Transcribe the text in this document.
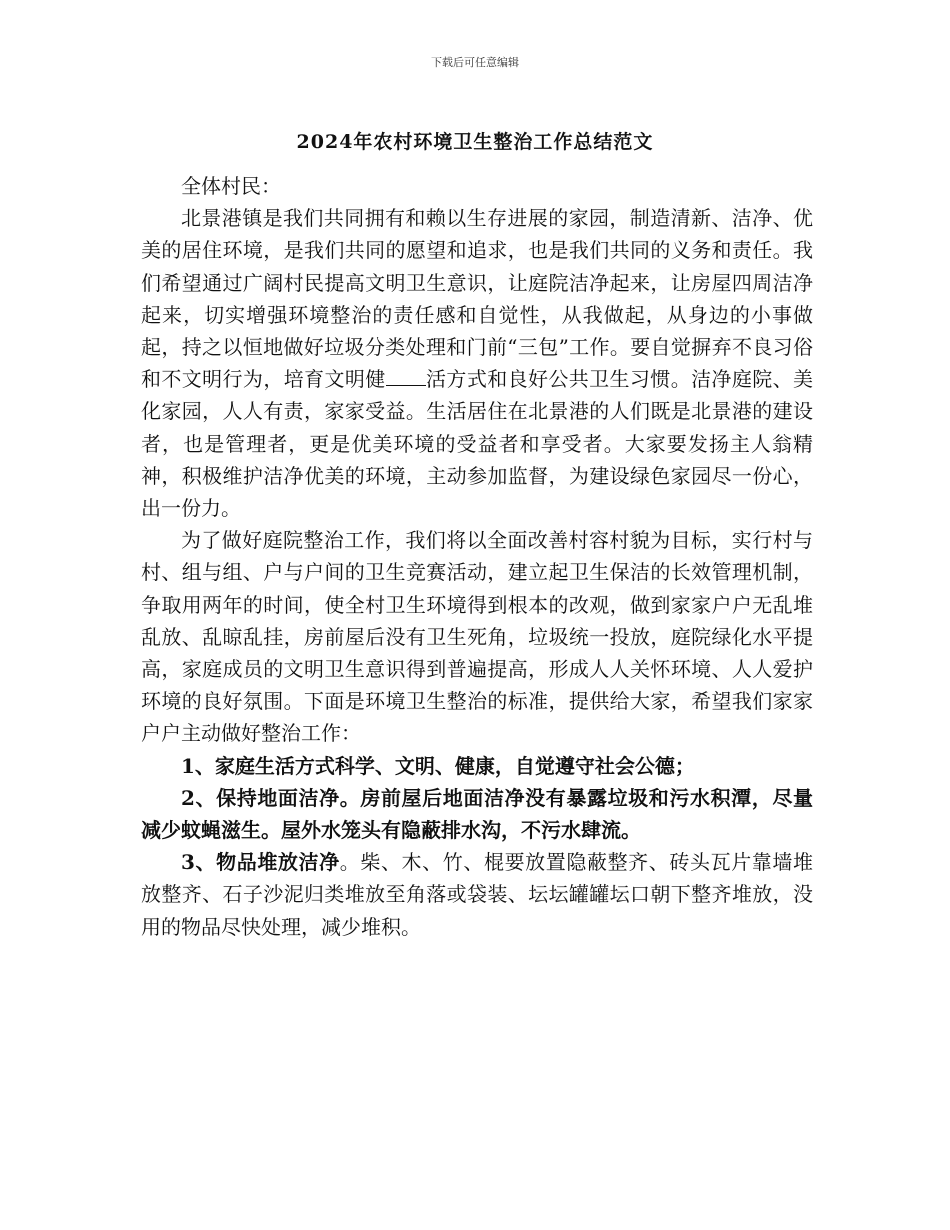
下载后可任意编辑
2024年农村环境卫生整治工作总结范文

全体村民：

北景港镇是我们共同拥有和赖以生存进展的家园，制造清新、洁净、优美的居住环境，是我们共同的愿望和追求，也是我们共同的义务和责任。我们希望通过广阔村民提高文明卫生意识，让庭院洁净起来，让房屋四周洁净起来，切实增强环境整治的责任感和自觉性，从我做起，从身边的小事做起，持之以恒地做好垃圾分类处理和门前“三包”工作。要自觉摒弃不良习俗和不文明行为，培育文明健 活方式和良好公共卫生习惯。洁净庭院、美化家园，人人有责，家家受益。生活居住在北景港的人们既是北景港的建设者，也是管理者，更是优美环境的受益者和享受者。大家要发扬主人翁精神，积极维护洁净优美的环境，主动参加监督，为建设绿色家园尽一份心，出一份力。

为了做好庭院整治工作，我们将以全面改善村容村貌为目标，实行村与村、组与组、户与户间的卫生竞赛活动，建立起卫生保洁的长效管理机制，争取用两年的时间，使全村卫生环境得到根本的改观，做到家家户户无乱堆乱放、乱晾乱挂，房前屋后没有卫生死角，垃圾统一投放，庭院绿化水平提高，家庭成员的文明卫生意识得到普遍提高，形成人人关怀环境、人人爱护环境的良好氛围。下面是环境卫生整治的标准，提供给大家，希望我们家家户户主动做好整治工作：

1、家庭生活方式科学、文明、健康，自觉遵守社会公德；

2、保持地面洁净。房前屋后地面洁净没有暴露垃圾和污水积潭，尽量减少蚊蝇滋生。屋外水笼头有隐蔽排水沟，不污水肆流。

3、物品堆放洁净。柴、木、竹、棍要放置隐蔽整齐、砖头瓦片靠墙堆放整齐、石子沙泥归类堆放至角落或袋装、坛坛罐罐坛口朝下整齐堆放，没用的物品尽快处理，减少堆积。
